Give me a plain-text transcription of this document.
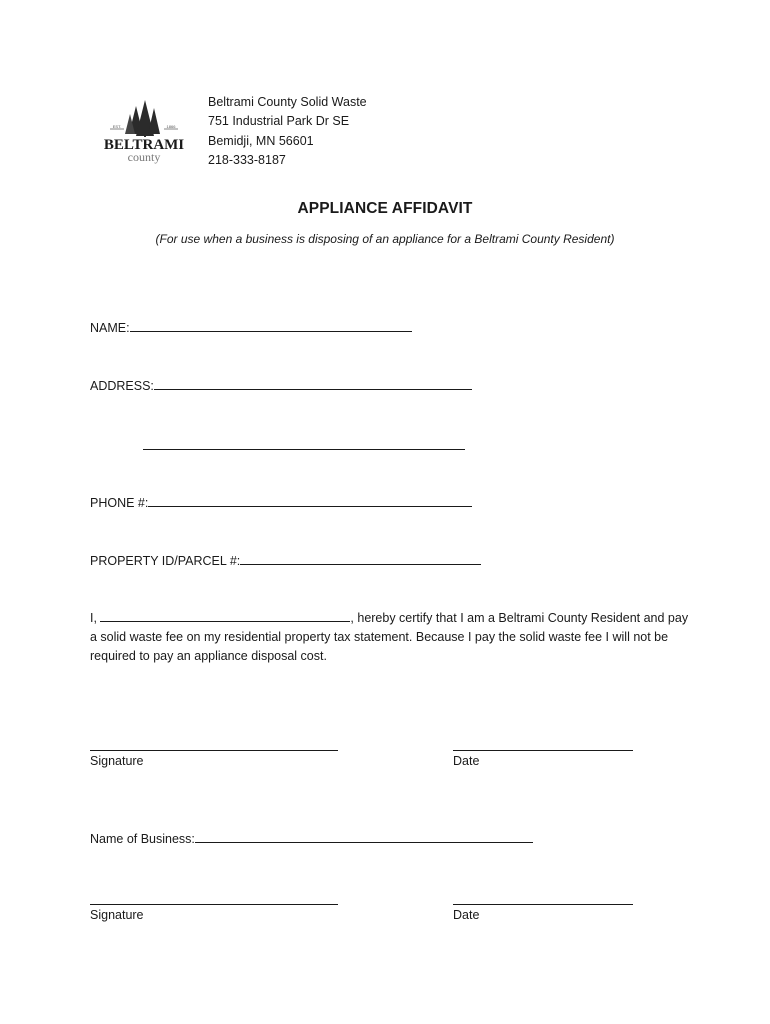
EST.	1866
BELTRAMI
county
Beltrami County Solid Waste
751 Industrial Park Dr SE
Bemidji, MN 56601
218-333-8187
APPLIANCE AFFIDAVIT
(For use when a business is disposing of an appliance for a Beltrami County Resident)
NAME:
ADDRESS:
PHONE #:
PROPERTY ID/PARCEL #:
I,	, hereby certify that I am a Beltrami County Resident and pay a solid waste fee on my residential property tax statement. Because I pay the solid waste fee I will not be required to pay an appliance disposal cost.
Signature	Date
Name of Business:
Signature	Date
